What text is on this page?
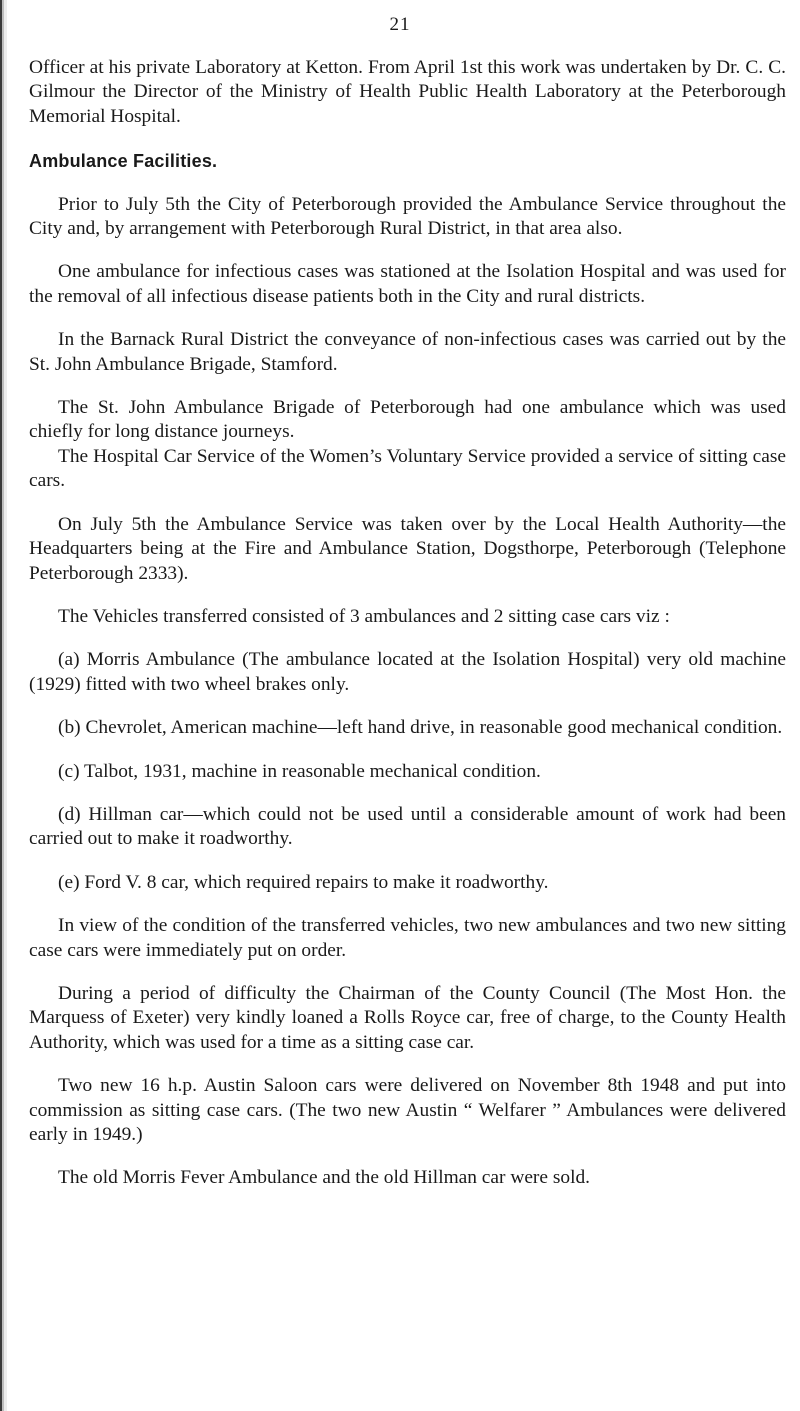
21

Officer at his private Laboratory at Ketton. From April 1st this work was undertaken by Dr. C. C. Gilmour the Director of the Ministry of Health Public Health Laboratory at the Peterborough Memorial Hospital.

Ambulance Facilities.

Prior to July 5th the City of Peterborough provided the Ambulance Service throughout the City and, by arrangement with Peterborough Rural District, in that area also.

One ambulance for infectious cases was stationed at the Isolation Hospital and was used for the removal of all infectious disease patients both in the City and rural districts.

In the Barnack Rural District the conveyance of non-infectious cases was carried out by the St. John Ambulance Brigade, Stamford.

The St. John Ambulance Brigade of Peterborough had one ambulance which was used chiefly for long distance journeys.

The Hospital Car Service of the Women’s Voluntary Service provided a service of sitting case cars.

On July 5th the Ambulance Service was taken over by the Local Health Authority—the Headquarters being at the Fire and Ambulance Station, Dogsthorpe, Peterborough (Telephone Peterborough 2333).

The Vehicles transferred consisted of 3 ambulances and 2 sitting case cars viz :

(a) Morris Ambulance (The ambulance located at the Isolation Hospital) very old machine (1929) fitted with two wheel brakes only.

(b) Chevrolet, American machine—left hand drive, in reasonable good mechanical condition.

(c) Talbot, 1931, machine in reasonable mechanical condition.

(d) Hillman car—which could not be used until a considerable amount of work had been carried out to make it roadworthy.

(e) Ford V. 8 car, which required repairs to make it roadworthy.

In view of the condition of the transferred vehicles, two new ambulances and two new sitting case cars were immediately put on order.

During a period of difficulty the Chairman of the County Council (The Most Hon. the Marquess of Exeter) very kindly loaned a Rolls Royce car, free of charge, to the County Health Authority, which was used for a time as a sitting case car.

Two new 16 h.p. Austin Saloon cars were delivered on November 8th 1948 and put into commission as sitting case cars. (The two new Austin “ Welfarer ” Ambulances were delivered early in 1949.)

The old Morris Fever Ambulance and the old Hillman car were sold.
